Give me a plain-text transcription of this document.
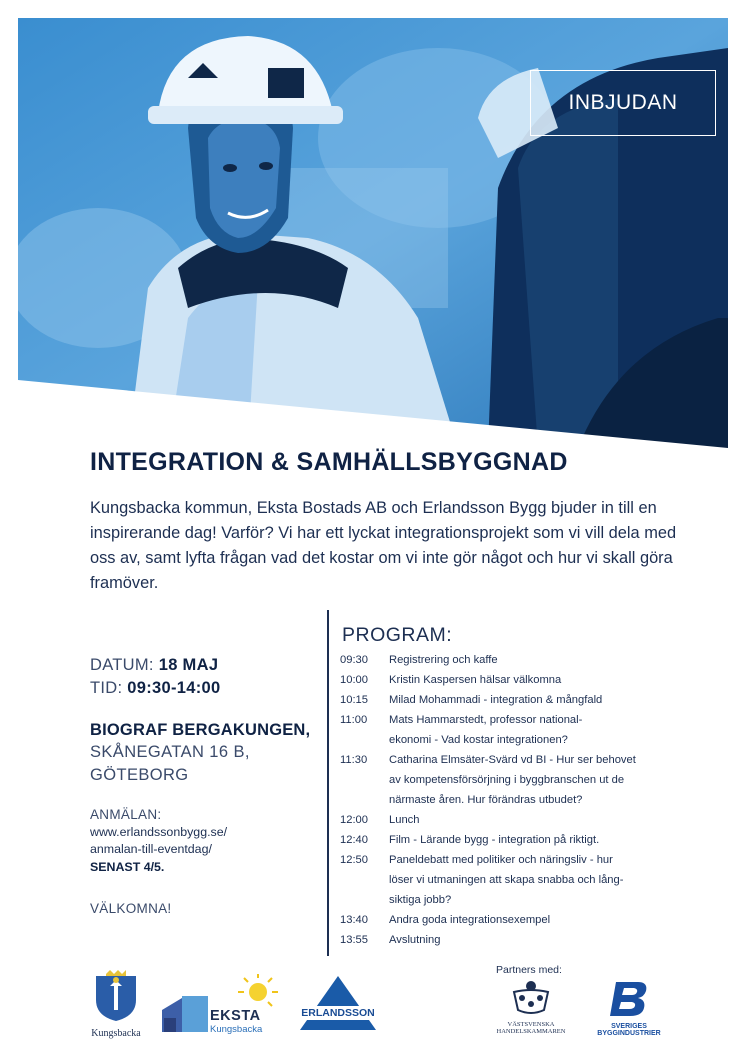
INBJUDAN
INTEGRATION & SAMHÄLLSBYGGNAD
Kungsbacka kommun, Eksta Bostads AB och Erlandsson Bygg bjuder in till en inspirerande dag! Varför? Vi har ett lyckat integrationsprojekt som vi vill dela med oss av, samt lyfta frågan vad det kostar om vi inte gör något och hur vi skall göra framöver.
DATUM: 18 MAJ
TID: 09:30-14:00
BIOGRAF BERGAKUNGEN,
SKÅNEGATAN 16 B,
GÖTEBORG
ANMÄLAN:
www.erlandssonbygg.se/
anmalan-till-eventdag/
SENAST 4/5.
VÄLKOMNA!
PROGRAM:
09:30	Registrering och kaffe
10:00	Kristin Kaspersen hälsar välkomna
10:15	Milad Mohammadi - integration & mångfald
11:00	Mats Hammarstedt, professor national-
ekonomi - Vad kostar integrationen?
11:30	Catharina Elmsäter-Svärd vd BI - Hur ser behovet
av kompetensförsörjning i byggbranschen ut de
närmaste åren. Hur förändras utbudet?
12:00	Lunch
12:40	Film - Lärande bygg - integration på riktigt.
12:50	Paneldebatt med politiker och näringsliv - hur
löser vi utmaningen att skapa snabba och lång-
siktiga jobb?
13:40	Andra goda integrationsexempel
13:55	Avslutning
Kungsbacka
EKSTA
Kungsbacka
ERLANDSSON
Partners med:
VÄSTSVENSKA
HANDELSKAMMAREN
SVERIGES
BYGGINDUSTRIER
